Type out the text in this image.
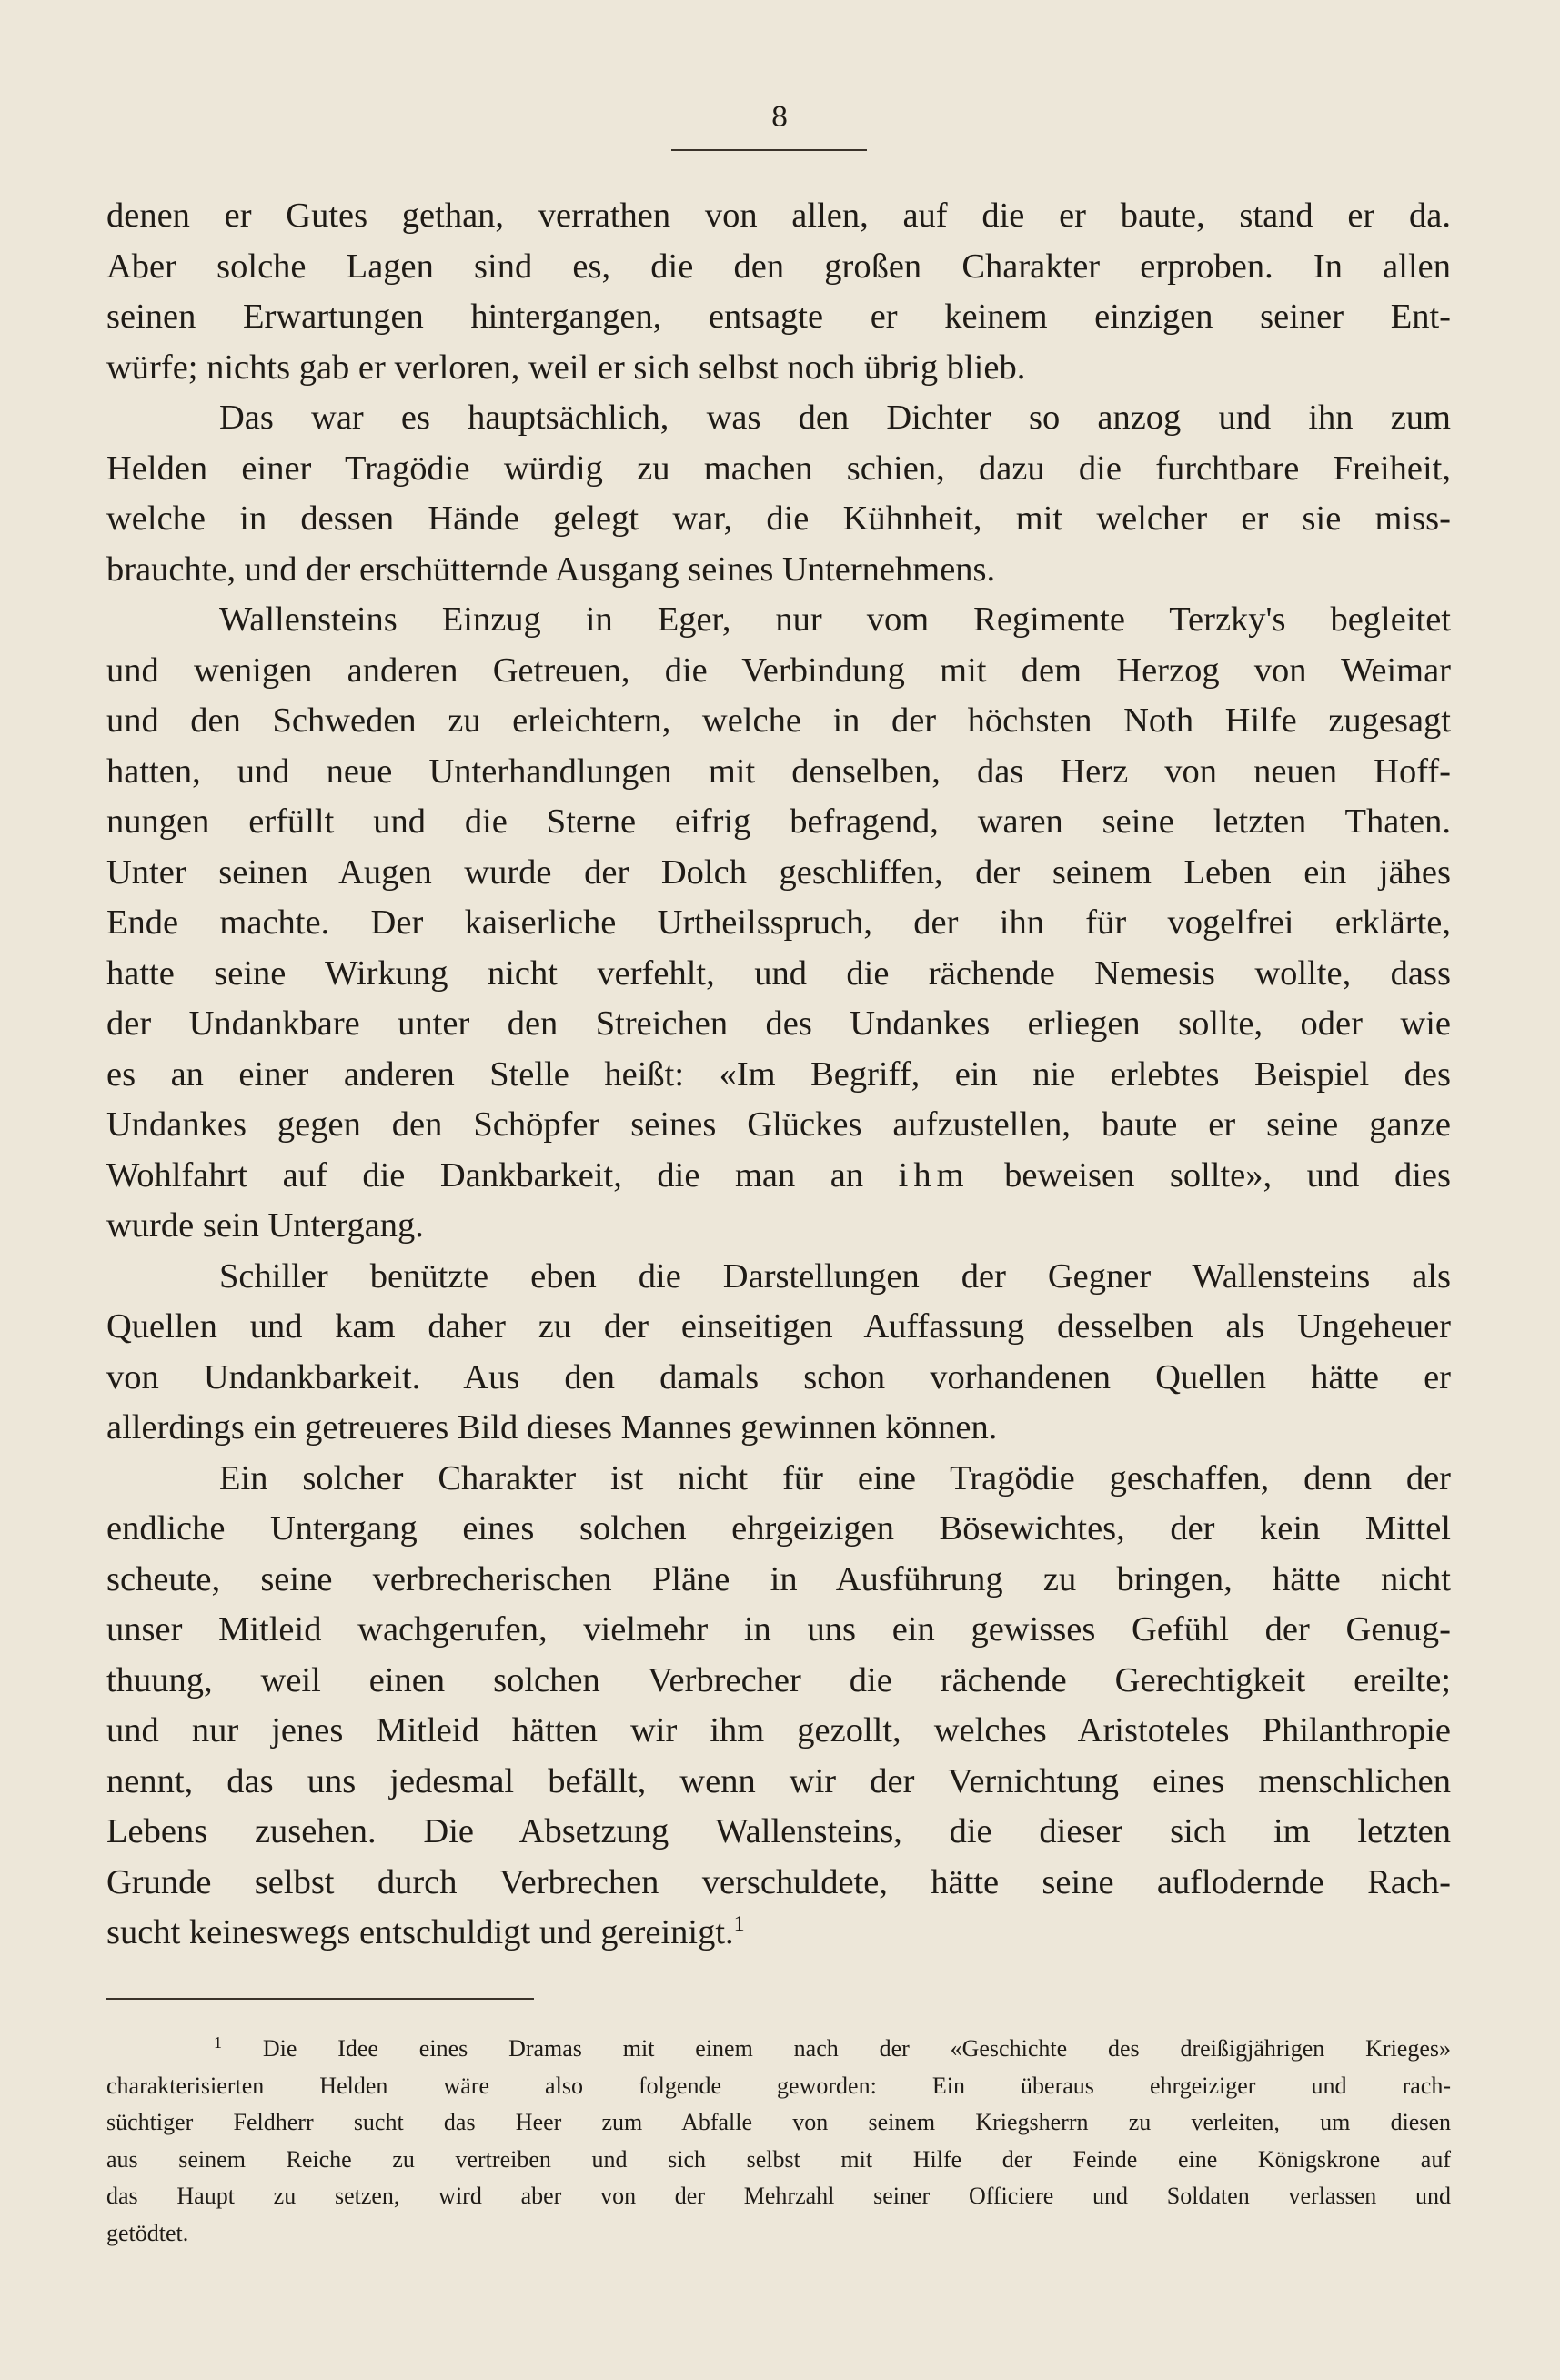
8
denen er Gutes gethan, verrathen von allen, auf die er baute, stand er da.
Aber solche Lagen sind es, die den großen Charakter erproben. In allen
seinen Erwartungen hintergangen, entsagte er keinem einzigen seiner Ent-
würfe; nichts gab er verloren, weil er sich selbst noch übrig blieb.
Das war es hauptsächlich, was den Dichter so anzog und ihn zum
Helden einer Tragödie würdig zu machen schien, dazu die furchtbare Freiheit,
welche in dessen Hände gelegt war, die Kühnheit, mit welcher er sie miss-
brauchte, und der erschütternde Ausgang seines Unternehmens.
Wallensteins Einzug in Eger, nur vom Regimente Terzky's begleitet
und wenigen anderen Getreuen, die Verbindung mit dem Herzog von Weimar
und den Schweden zu erleichtern, welche in der höchsten Noth Hilfe zugesagt
hatten, und neue Unterhandlungen mit denselben, das Herz von neuen Hoff-
nungen erfüllt und die Sterne eifrig befragend, waren seine letzten Thaten.
Unter seinen Augen wurde der Dolch geschliffen, der seinem Leben ein jähes
Ende machte. Der kaiserliche Urtheilsspruch, der ihn für vogelfrei erklärte,
hatte seine Wirkung nicht verfehlt, und die rächende Nemesis wollte, dass
der Undankbare unter den Streichen des Undankes erliegen sollte, oder wie
es an einer anderen Stelle heißt: «Im Begriff, ein nie erlebtes Beispiel des
Undankes gegen den Schöpfer seines Glückes aufzustellen, baute er seine ganze
Wohlfahrt auf die Dankbarkeit, die man an ihm beweisen sollte», und dies
wurde sein Untergang.
Schiller benützte eben die Darstellungen der Gegner Wallensteins als
Quellen und kam daher zu der einseitigen Auffassung desselben als Ungeheuer
von Undankbarkeit. Aus den damals schon vorhandenen Quellen hätte er
allerdings ein getreueres Bild dieses Mannes gewinnen können.
Ein solcher Charakter ist nicht für eine Tragödie geschaffen, denn der
endliche Untergang eines solchen ehrgeizigen Bösewichtes, der kein Mittel
scheute, seine verbrecherischen Pläne in Ausführung zu bringen, hätte nicht
unser Mitleid wachgerufen, vielmehr in uns ein gewisses Gefühl der Genug-
thuung, weil einen solchen Verbrecher die rächende Gerechtigkeit ereilte;
und nur jenes Mitleid hätten wir ihm gezollt, welches Aristoteles Philanthropie
nennt, das uns jedesmal befällt, wenn wir der Vernichtung eines menschlichen
Lebens zusehen. Die Absetzung Wallensteins, die dieser sich im letzten
Grunde selbst durch Verbrechen verschuldete, hätte seine auflodernde Rach-
sucht keineswegs entschuldigt und gereinigt.$^1$
$^1$ Die Idee eines Dramas mit einem nach der «Geschichte des dreißigjährigen Krieges»
charakterisierten Helden wäre also folgende geworden: Ein überaus ehrgeiziger und rach-
süchtiger Feldherr sucht das Heer zum Abfalle von seinem Kriegsherrn zu verleiten, um diesen
aus seinem Reiche zu vertreiben und sich selbst mit Hilfe der Feinde eine Königskrone auf
das Haupt zu setzen, wird aber von der Mehrzahl seiner Officiere und Soldaten verlassen und
getödtet.
